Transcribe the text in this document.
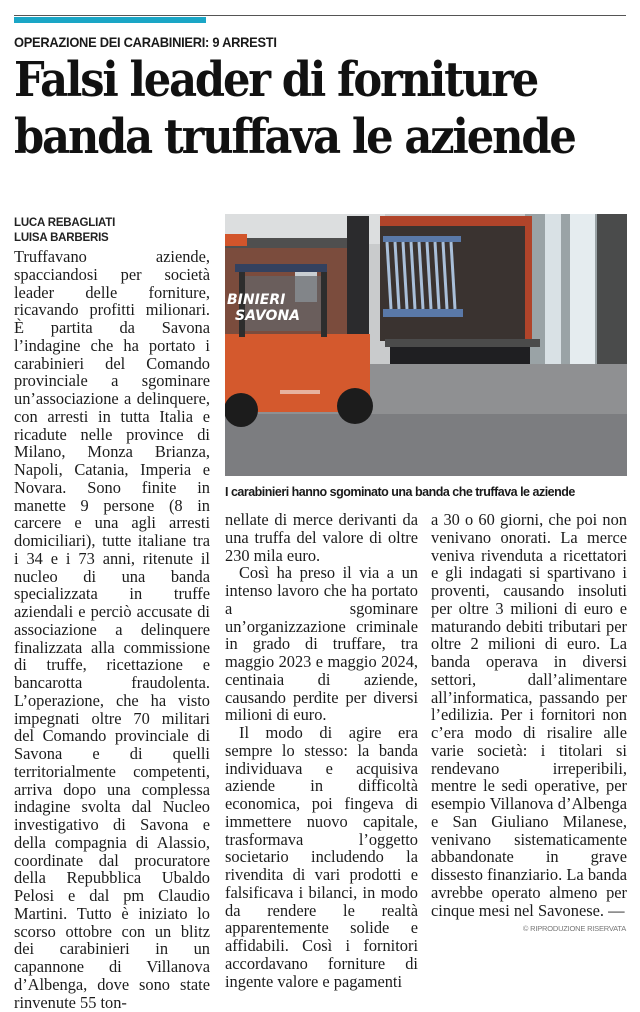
OPERAZIONE DEI CARABINIERI: 9 ARRESTI
Falsi leader di forniture
banda truffava le aziende
LUCA REBAGLIATI
LUISA BARBERIS

Truffavano aziende, spacciandosi per società leader delle forniture, ricavando profitti milionari. È partita da Savona l’indagine che ha portato i carabinieri del Comando provinciale a sgominare un’associazione a delinquere, con arresti in tutta Italia e ricadute nelle province di Milano, Monza Brianza, Napoli, Catania, Imperia e Novara. Sono finite in manette 9 persone (8 in carcere e una agli arresti domiciliari), tutte italiane tra i 34 e i 73 anni, ritenute il nucleo di una banda specializzata in truffe aziendali e perciò accusate di associazione a delinquere finalizzata alla commissione di truffe, ricettazione e bancarotta fraudolenta. L’operazione, che ha visto impegnati oltre 70 militari del Comando provinciale di Savona e di quelli territorialmente competenti, arriva dopo una complessa indagine svolta dal Nucleo investigativo di Savona e della compagnia di Alassio, coordinate dal procuratore della Repubblica Ubaldo Pelosi e dal pm Claudio Martini. Tutto è iniziato lo scorso ottobre con un blitz dei carabinieri in un capannone di Villanova d’Albenga, dove sono state rinvenute 55 ton-

BINIERI
SAVONA
I carabinieri hanno sgominato una banda che truffava le aziende

nellate di merce derivanti da una truffa del valore di oltre 230 mila euro.

Così ha preso il via a un intenso lavoro che ha portato a sgominare un’organizzazione criminale in grado di truffare, tra maggio 2023 e maggio 2024, centinaia di aziende, causando perdite per diversi milioni di euro.

Il modo di agire era sempre lo stesso: la banda individuava e acquisiva aziende in difficoltà economica, poi fingeva di immettere nuovo capitale, trasformava l’oggetto societario includendo la rivendita di vari prodotti e falsificava i bilanci, in modo da rendere le realtà apparentemente solide e affidabili. Così i fornitori accordavano forniture di ingente valore e pagamenti

a 30 o 60 giorni, che poi non venivano onorati. La merce veniva rivenduta a ricettatori e gli indagati si spartivano i proventi, causando insoluti per oltre 3 milioni di euro e maturando debiti tributari per oltre 2 milioni di euro. La banda operava in diversi settori, dall’alimentare all’informatica, passando per l’edilizia. Per i fornitori non c’era modo di risalire alle varie società: i titolari si rendevano irreperibili, mentre le sedi operative, per esempio Villanova d’Albenga e San Giuliano Milanese, venivano sistematicamente abbandonate in grave dissesto finanziario. La banda avrebbe operato almeno per cinque mesi nel Savonese. —

© RIPRODUZIONE RISERVATA
